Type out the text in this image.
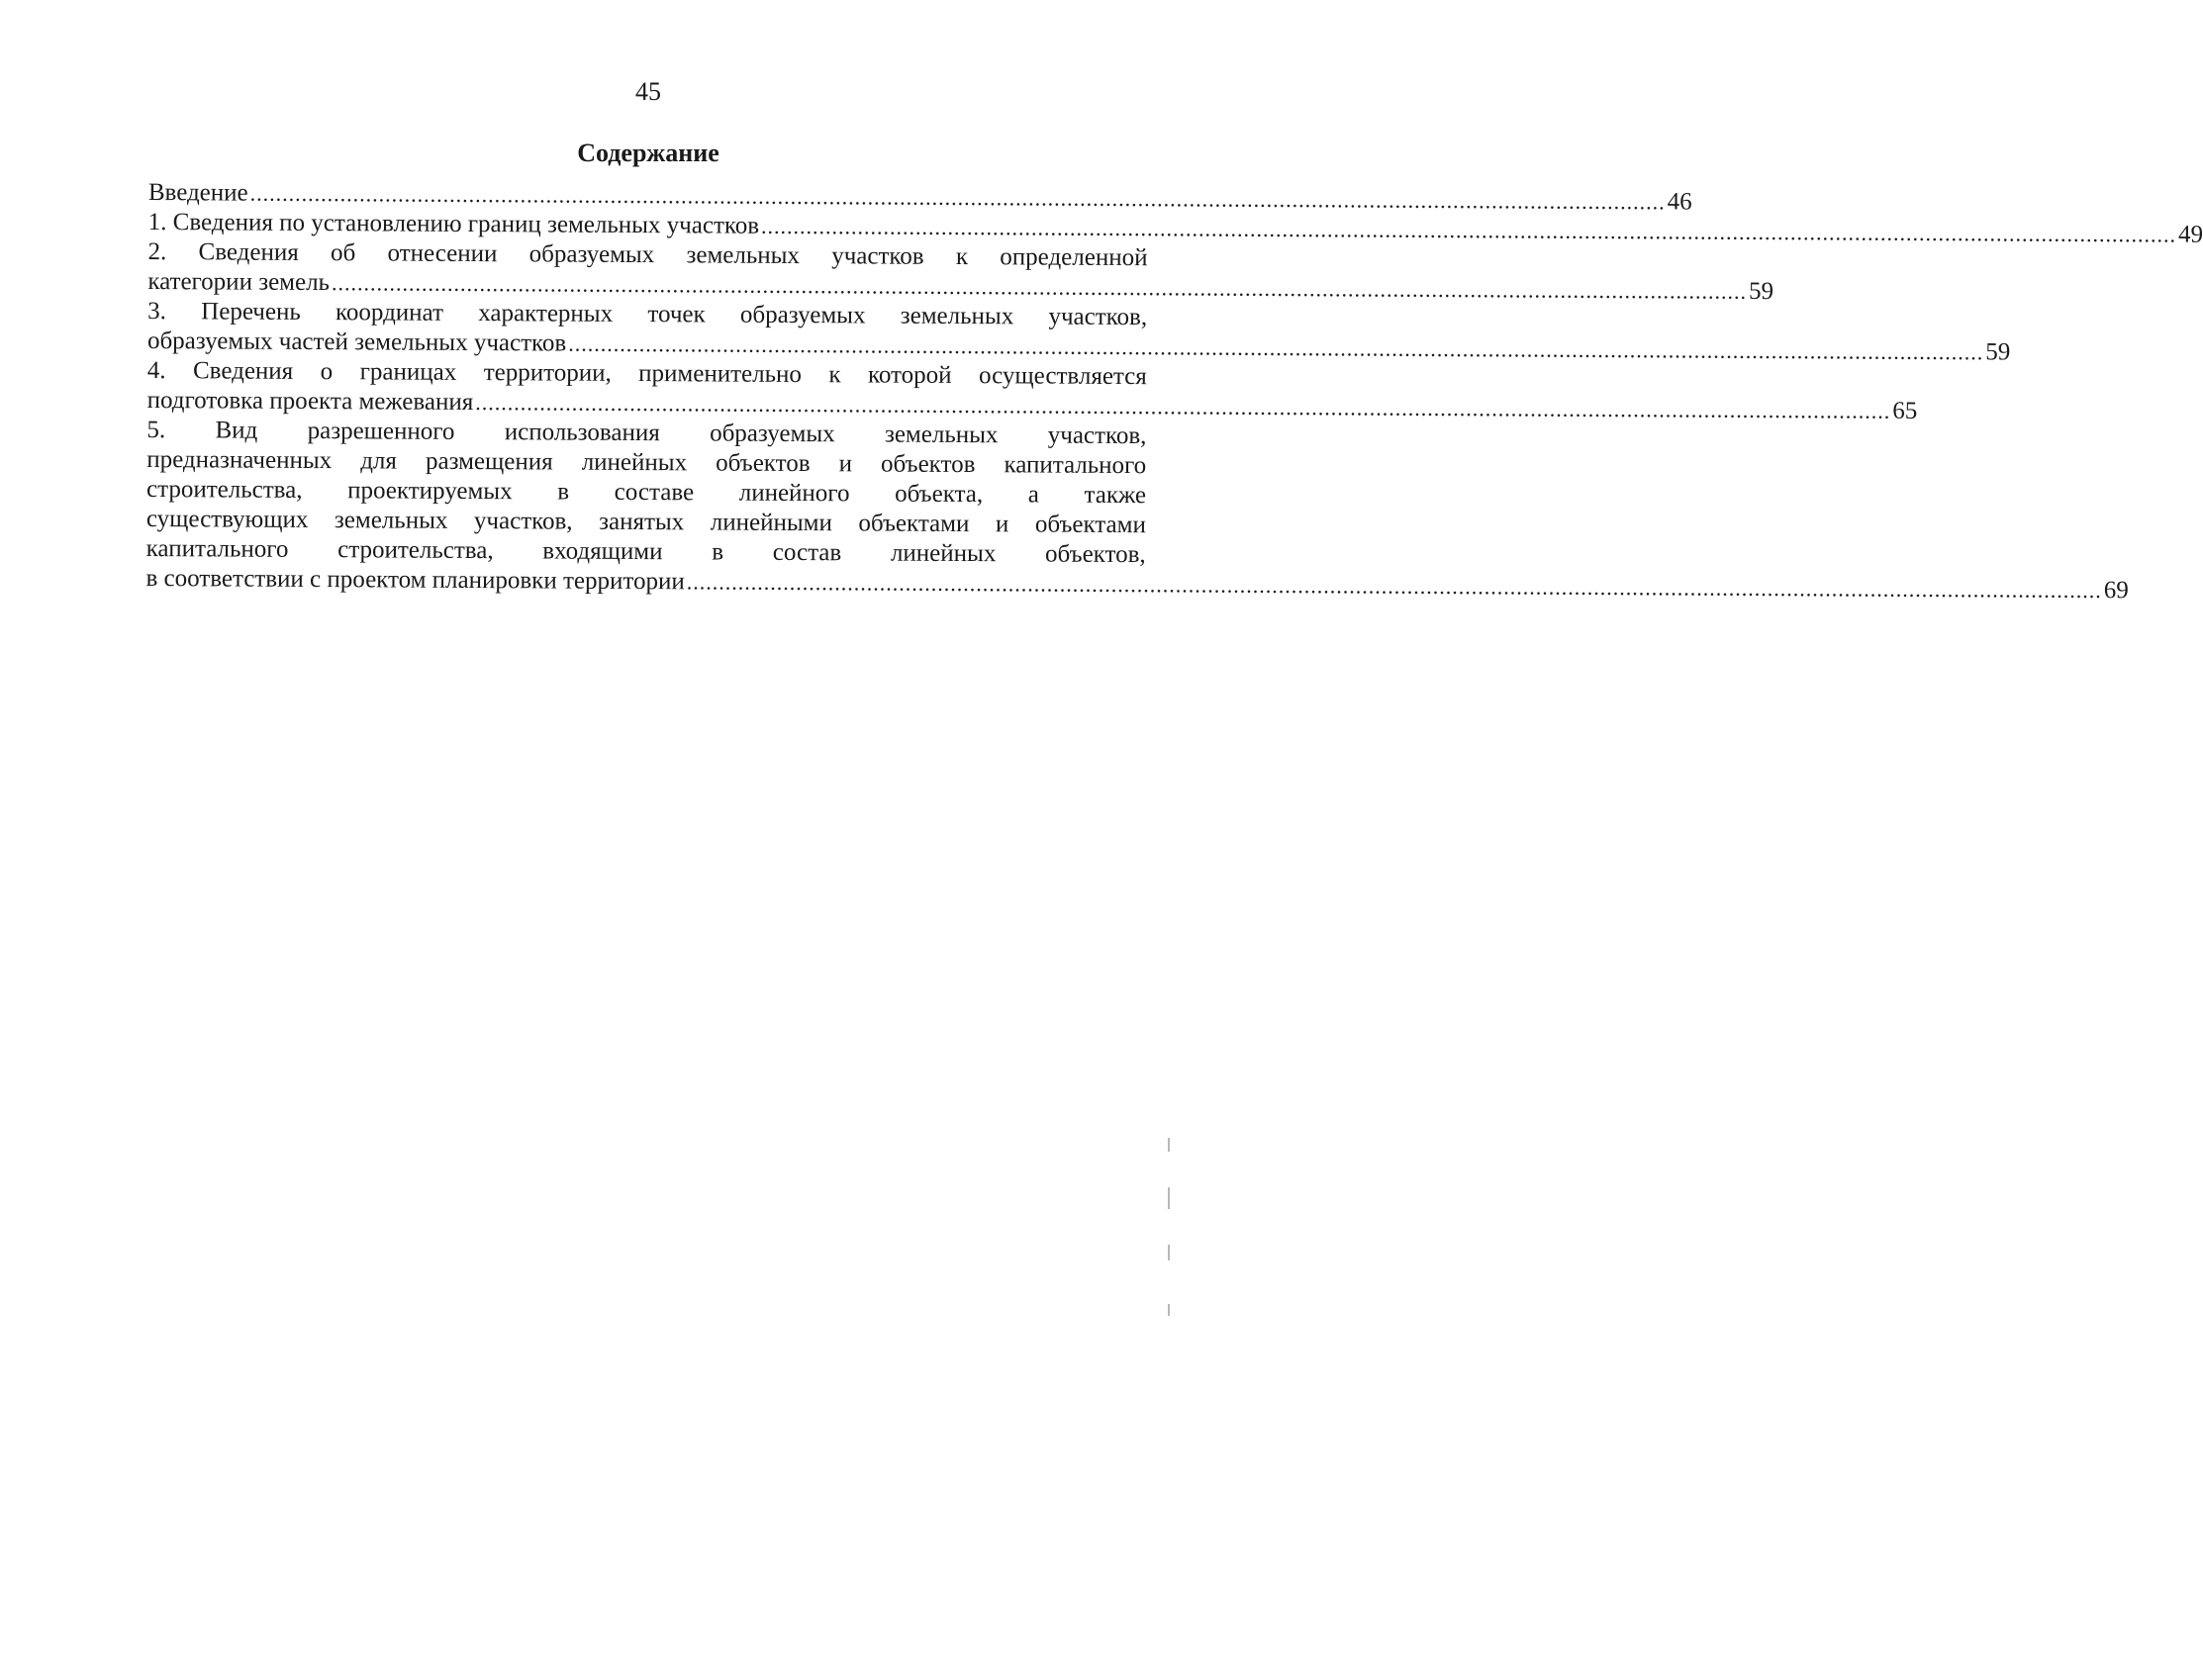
45
Содержание
Введение ............................................................................................................................................................................................................................ 46
1. Сведения по установлению границ земельных участков ............................................................................................................................................................................................................................ 49
2. Сведения об отнесении образуемых земельных участков к определенной
категории земель ............................................................................................................................................................................................................................ 59
3. Перечень координат характерных точек образуемых земельных участков,
образуемых частей земельных участков ............................................................................................................................................................................................................................ 59
4. Сведения о границах территории, применительно к которой осуществляется
подготовка проекта межевания ............................................................................................................................................................................................................................ 65
5. Вид разрешенного использования образуемых земельных участков,
предназначенных для размещения линейных объектов и объектов капитального
строительства, проектируемых в составе линейного объекта, а также
существующих земельных участков, занятых линейными объектами и объектами
капитального строительства, входящими в состав линейных объектов,
в соответствии с проектом планировки территории ............................................................................................................................................................................................................................ 69
